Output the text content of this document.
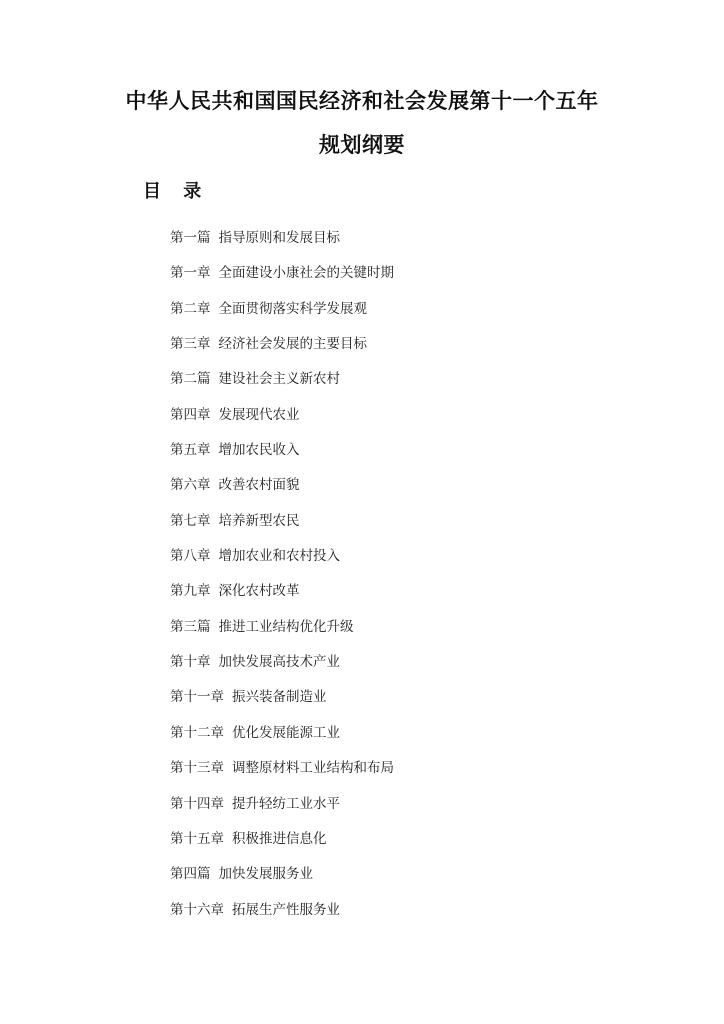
中华人民共和国国民经济和社会发展第十一个五年
规划纲要
目 录
第一篇 指导原则和发展目标
第一章 全面建设小康社会的关键时期
第二章 全面贯彻落实科学发展观
第三章 经济社会发展的主要目标
第二篇 建设社会主义新农村
第四章 发展现代农业
第五章 增加农民收入
第六章 改善农村面貌
第七章 培养新型农民
第八章 增加农业和农村投入
第九章 深化农村改革
第三篇 推进工业结构优化升级
第十章 加快发展高技术产业
第十一章 振兴装备制造业
第十二章 优化发展能源工业
第十三章 调整原材料工业结构和布局
第十四章 提升轻纺工业水平
第十五章 积极推进信息化
第四篇 加快发展服务业
第十六章 拓展生产性服务业
